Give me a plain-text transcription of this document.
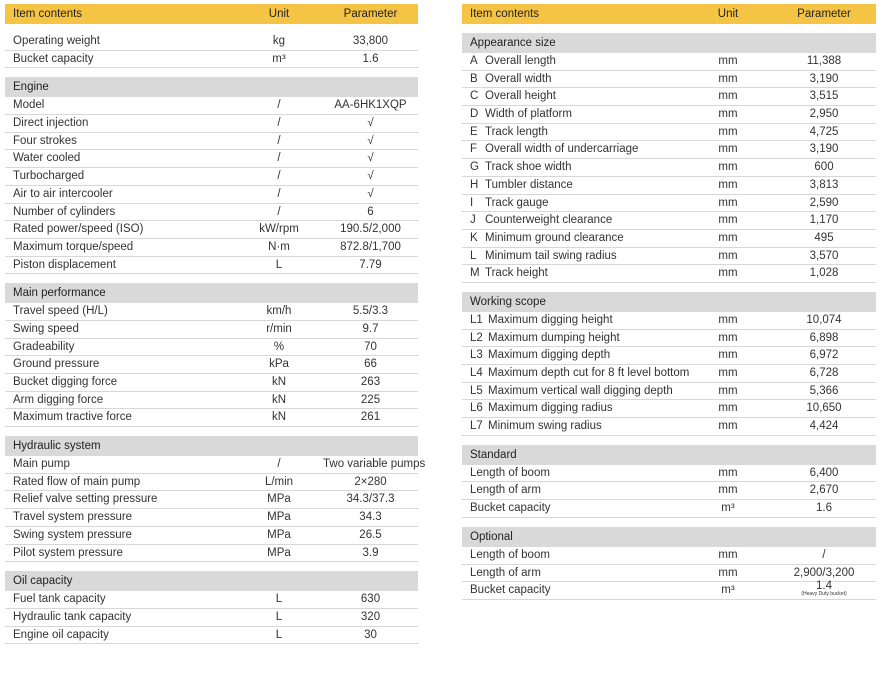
Item contents	Unit	Parameter
Operating weight	kg	33,800
Bucket capacity	m³	1.6
Engine
Model	/	AA-6HK1XQP
Direct injection	/	√
Four strokes	/	√
Water cooled	/	√
Turbocharged	/	√
Air to air intercooler	/	√
Number of cylinders	/	6
Rated power/speed (ISO)	kW/rpm	190.5/2,000
Maximum torque/speed	N·m	872.8/1,700
Piston displacement	L	7.79
Main performance
Travel speed (H/L)	km/h	5.5/3.3
Swing speed	r/min	9.7
Gradeability	%	70
Ground pressure	kPa	66
Bucket digging force	kN	263
Arm digging force	kN	225
Maximum tractive force	kN	261
Hydraulic system
Main pump	/	Two variable pumps
Rated flow of main pump	L/min	2×280
Relief valve setting pressure	MPa	34.3/37.3
Travel system pressure	MPa	34.3
Swing system pressure	MPa	26.5
Pilot system pressure	MPa	3.9
Oil capacity
Fuel tank capacity	L	630
Hydraulic tank capacity	L	320
Engine oil capacity	L	30
Item contents	Unit	Parameter
Appearance size
A Overall length	mm	11,388
B Overall width	mm	3,190
C Overall height	mm	3,515
D Width of platform	mm	2,950
E Track length	mm	4,725
F Overall width of undercarriage	mm	3,190
G Track shoe width	mm	600
H Tumbler distance	mm	3,813
I Track gauge	mm	2,590
J Counterweight clearance	mm	1,170
K Minimum ground clearance	mm	495
L Minimum tail swing radius	mm	3,570
M Track height	mm	1,028
Working scope
L1 Maximum digging height	mm	10,074
L2 Maximum dumping height	mm	6,898
L3 Maximum digging depth	mm	6,972
L4 Maximum depth cut for 8 ft level bottom	mm	6,728
L5 Maximum vertical wall digging depth	mm	5,366
L6 Maximum digging radius	mm	10,650
L7 Minimum swing radius	mm	4,424
Standard
Length of boom	mm	6,400
Length of arm	mm	2,670
Bucket capacity	m³	1.6
Optional
Length of boom	mm	/
Length of arm	mm	2,900/3,200
Bucket capacity	m³	1.4
(Heavy Duty bucket)
